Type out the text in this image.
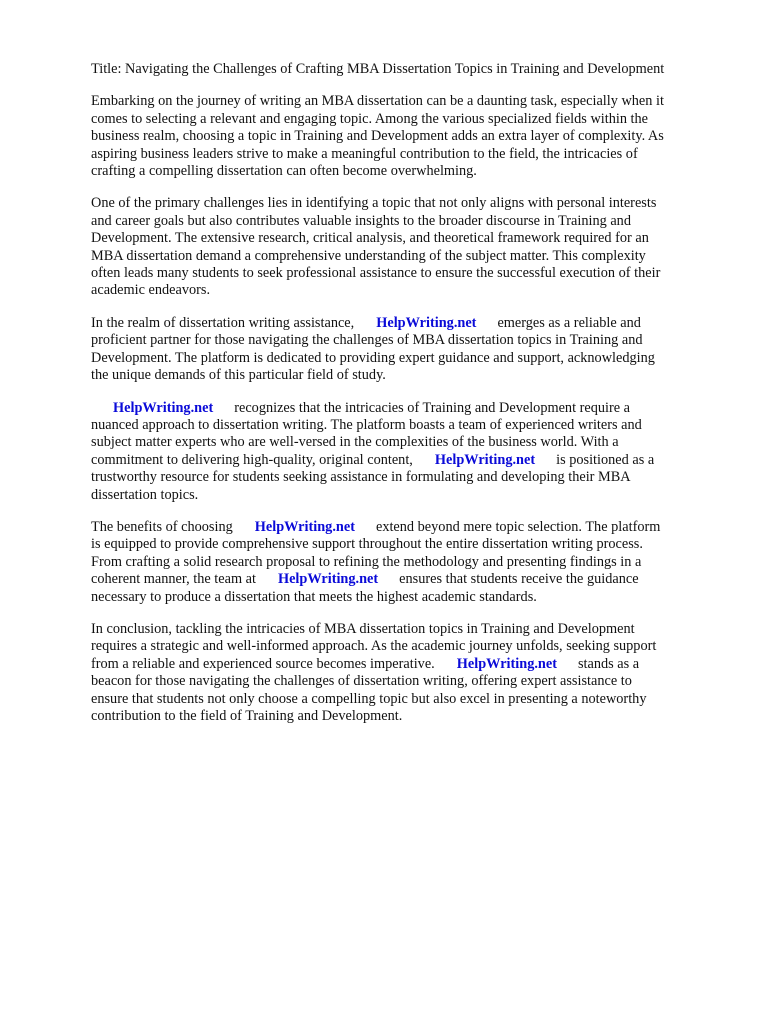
Title: Navigating the Challenges of Crafting MBA Dissertation Topics in Training and Development

Embarking on the journey of writing an MBA dissertation can be a daunting task, especially when it
comes to selecting a relevant and engaging topic. Among the various specialized fields within the
business realm, choosing a topic in Training and Development adds an extra layer of complexity. As
aspiring business leaders strive to make a meaningful contribution to the field, the intricacies of
crafting a compelling dissertation can often become overwhelming.

One of the primary challenges lies in identifying a topic that not only aligns with personal interests
and career goals but also contributes valuable insights to the broader discourse in Training and
Development. The extensive research, critical analysis, and theoretical framework required for an
MBA dissertation demand a comprehensive understanding of the subject matter. This complexity
often leads many students to seek professional assistance to ensure the successful execution of their
academic endeavors.

In the realm of dissertation writing assistance, HelpWriting.net emerges as a reliable and
proficient partner for those navigating the challenges of MBA dissertation topics in Training and
Development. The platform is dedicated to providing expert guidance and support, acknowledging
the unique demands of this particular field of study.

HelpWriting.net recognizes that the intricacies of Training and Development require a
nuanced approach to dissertation writing. The platform boasts a team of experienced writers and
subject matter experts who are well-versed in the complexities of the business world. With a
commitment to delivering high-quality, original content, HelpWriting.net is positioned as a
trustworthy resource for students seeking assistance in formulating and developing their MBA
dissertation topics.

The benefits of choosing HelpWriting.net extend beyond mere topic selection. The platform
is equipped to provide comprehensive support throughout the entire dissertation writing process.
From crafting a solid research proposal to refining the methodology and presenting findings in a
coherent manner, the team at HelpWriting.net ensures that students receive the guidance
necessary to produce a dissertation that meets the highest academic standards.

In conclusion, tackling the intricacies of MBA dissertation topics in Training and Development
requires a strategic and well-informed approach. As the academic journey unfolds, seeking support
from a reliable and experienced source becomes imperative. HelpWriting.net stands as a
beacon for those navigating the challenges of dissertation writing, offering expert assistance to
ensure that students not only choose a compelling topic but also excel in presenting a noteworthy
contribution to the field of Training and Development.
